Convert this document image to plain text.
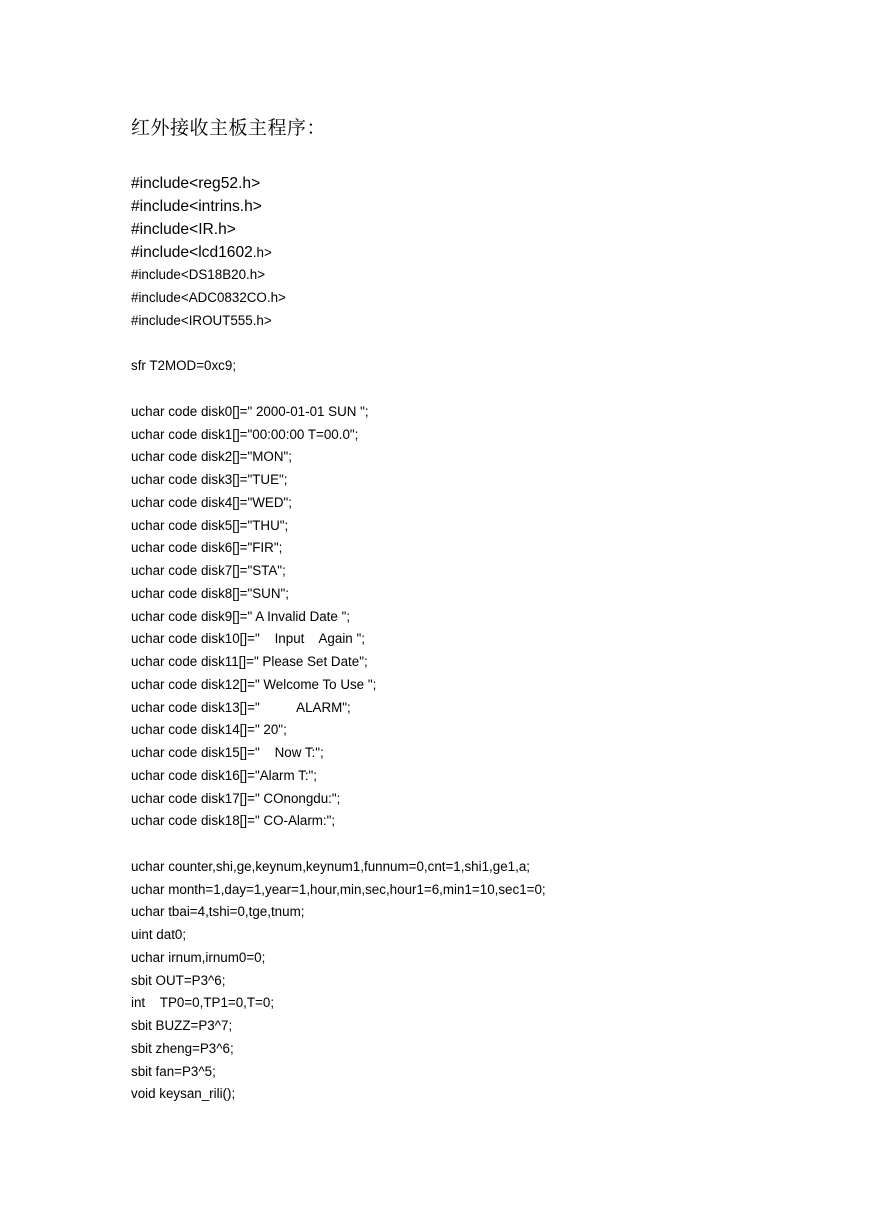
红外接收主板主程序：
#include<reg52.h>
#include<intrins.h>
#include<IR.h>
#include<lcd1602.h>
#include<DS18B20.h>
#include<ADC0832CO.h>
#include<IROUT555.h>
sfr T2MOD=0xc9;
uchar code disk0[]=" 2000-01-01 SUN ";
uchar code disk1[]="00:00:00 T=00.0";
uchar code disk2[]="MON";
uchar code disk3[]="TUE";
uchar code disk4[]="WED";
uchar code disk5[]="THU";
uchar code disk6[]="FIR";
uchar code disk7[]="STA";
uchar code disk8[]="SUN";
uchar code disk9[]=" A Invalid Date ";
uchar code disk10[]="    Input    Again ";
uchar code disk11[]=" Please Set Date";
uchar code disk12[]=" Welcome To Use ";
uchar code disk13[]="          ALARM";
uchar code disk14[]=" 20";
uchar code disk15[]="    Now T:";
uchar code disk16[]="Alarm T:";
uchar code disk17[]=" COnongdu:";
uchar code disk18[]=" CO-Alarm:";
uchar counter,shi,ge,keynum,keynum1,funnum=0,cnt=1,shi1,ge1,a;
uchar month=1,day=1,year=1,hour,min,sec,hour1=6,min1=10,sec1=0;
uchar tbai=4,tshi=0,tge,tnum;
uint dat0;
uchar irnum,irnum0=0;
sbit OUT=P3^6;
int    TP0=0,TP1=0,T=0;
sbit BUZZ=P3^7;
sbit zheng=P3^6;
sbit fan=P3^5;
void keysan_rili();
